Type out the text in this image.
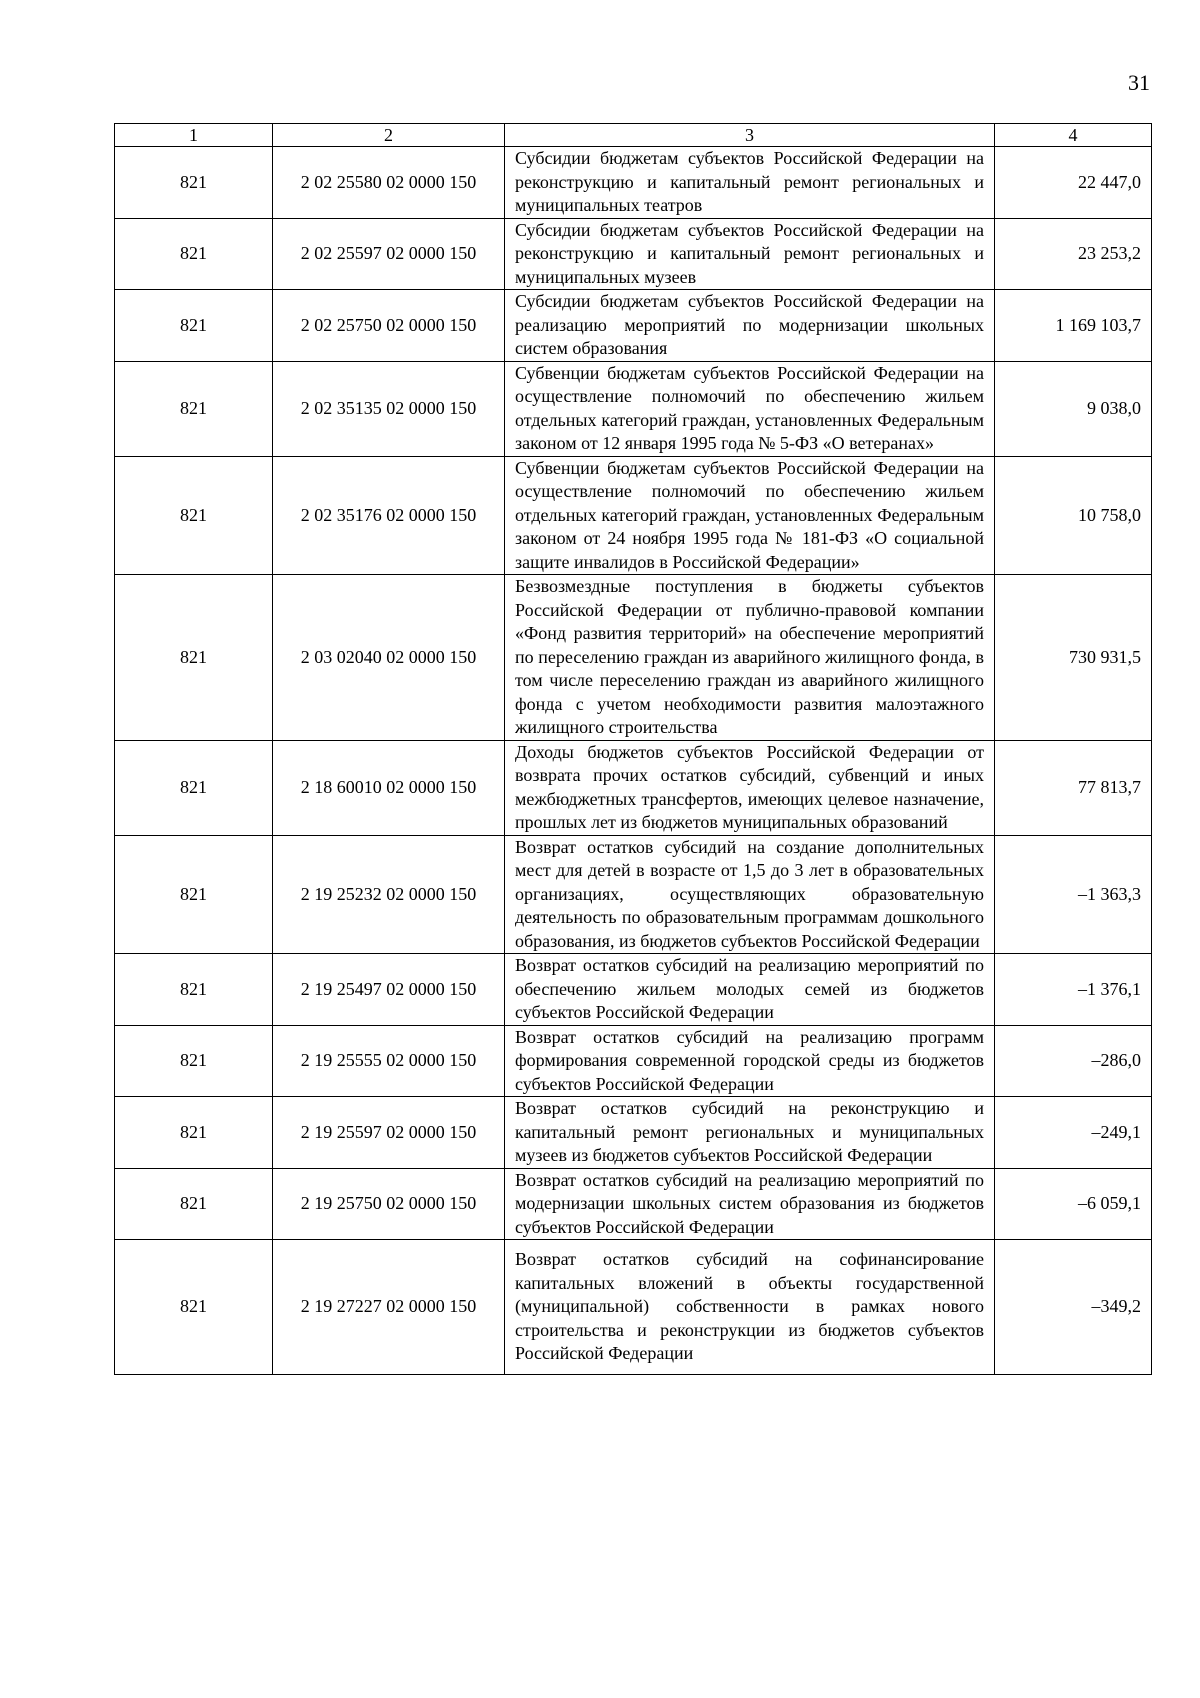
31
1	2	3	4
821	2 02 25580 02 0000 150	Субсидии бюджетам субъектов Российской Федерации на реконструкцию и капитальный ремонт региональных и муниципальных театров	22 447,0
821	2 02 25597 02 0000 150	Субсидии бюджетам субъектов Российской Федерации на реконструкцию и капитальный ремонт региональных и муниципальных музеев	23 253,2
821	2 02 25750 02 0000 150	Субсидии бюджетам субъектов Российской Федерации на реализацию мероприятий по модернизации школьных систем образования	1 169 103,7
821	2 02 35135 02 0000 150	Субвенции бюджетам субъектов Российской Федерации на осуществление полномочий по обеспечению жильем отдельных категорий граждан, установленных Федеральным законом от 12 января 1995 года № 5-ФЗ «О ветеранах»	9 038,0
821	2 02 35176 02 0000 150	Субвенции бюджетам субъектов Российской Федерации на осуществление полномочий по обеспечению жильем отдельных категорий граждан, установленных Федеральным законом от 24 ноября 1995 года № 181-ФЗ «О социальной защите инвалидов в Российской Федерации»	10 758,0
821	2 03 02040 02 0000 150	Безвозмездные поступления в бюджеты субъектов Российской Федерации от публично-правовой компании «Фонд развития территорий» на обеспечение мероприятий по переселению граждан из аварийного жилищного фонда, в том числе переселению граждан из аварийного жилищного фонда с учетом необходимости развития малоэтажного жилищного строительства	730 931,5
821	2 18 60010 02 0000 150	Доходы бюджетов субъектов Российской Федерации от возврата прочих остатков субсидий, субвенций и иных межбюджетных трансфертов, имеющих целевое назначение, прошлых лет из бюджетов муниципальных образований	77 813,7
821	2 19 25232 02 0000 150	Возврат остатков субсидий на создание дополнительных мест для детей в возрасте от 1,5 до 3 лет в образовательных организациях, осуществляющих образовательную деятельность по образовательным программам дошкольного образования, из бюджетов субъектов Российской Федерации	–1 363,3
821	2 19 25497 02 0000 150	Возврат остатков субсидий на реализацию мероприятий по обеспечению жильем молодых семей из бюджетов субъектов Российской Федерации	–1 376,1
821	2 19 25555 02 0000 150	Возврат остатков субсидий на реализацию программ формирования современной городской среды из бюджетов субъектов Российской Федерации	–286,0
821	2 19 25597 02 0000 150	Возврат остатков субсидий на реконструкцию и капитальный ремонт региональных и муниципальных музеев из бюджетов субъектов Российской Федерации	–249,1
821	2 19 25750 02 0000 150	Возврат остатков субсидий на реализацию мероприятий по модернизации школьных систем образования из бюджетов субъектов Российской Федерации	–6 059,1
821	2 19 27227 02 0000 150	Возврат остатков субсидий на софинансирование капитальных вложений в объекты государственной (муниципальной) собственности в рамках нового строительства и реконструкции из бюджетов субъектов Российской Федерации	–349,2
